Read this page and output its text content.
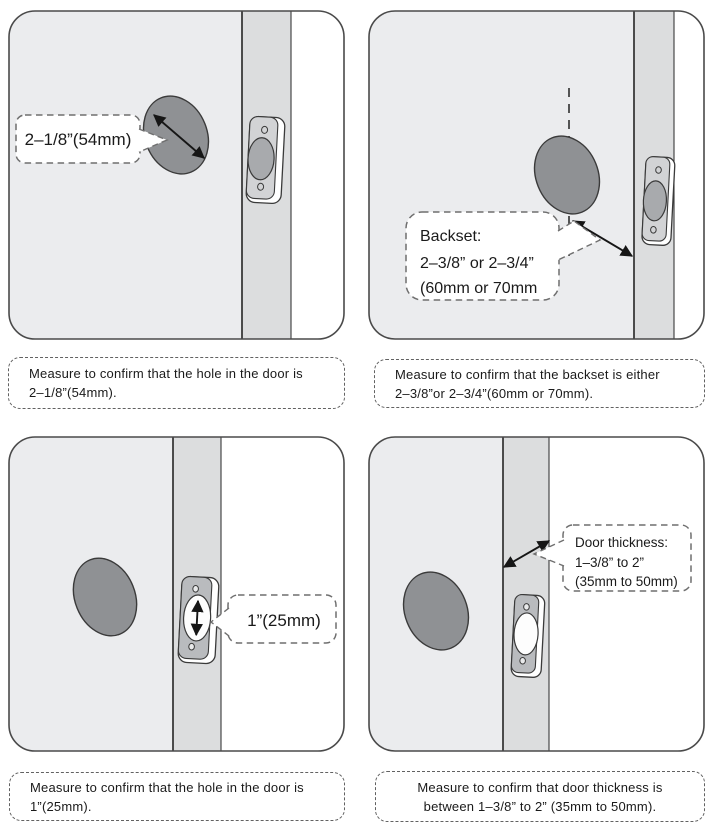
2–1/8”(54mm)
Backset:
2–3/8” or 2–3/4”
(60mm or 70mm
1”(25mm)
Door thickness:
1–3/8” to 2”
(35mm to 50mm)
Measure to confirm that the hole in the door is
2–1/8”(54mm).
Measure to confirm that the backset is either
2–3/8”or 2–3/4”(60mm or 70mm).
Measure to confirm that the hole in the door is
1”(25mm).
Measure to confirm that door thickness is
between 1–3/8” to 2” (35mm to 50mm).
